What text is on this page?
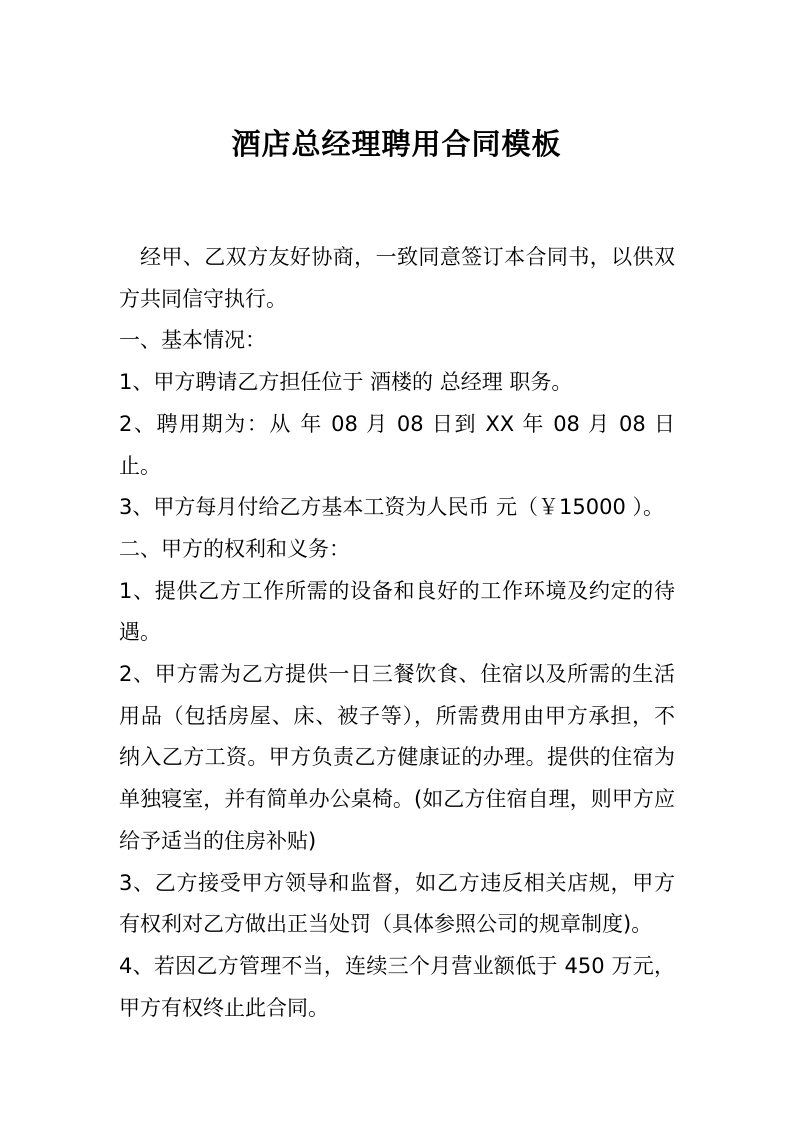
酒店总经理聘用合同模板

经甲、乙双方友好协商，一致同意签订本合同书，以供双方共同信守执行。

一、基本情况：

1、甲方聘请乙方担任位于 酒楼的 总经理 职务。

2、聘用期为：从 年 08 月 08 日到 XX 年 08 月 08 日止。

3、甲方每月付给乙方基本工资为人民币 元（￥15000 ）。

二、甲方的权利和义务：

1、提供乙方工作所需的设备和良好的工作环境及约定的待遇。

2、甲方需为乙方提供一日三餐饮食、住宿以及所需的生活用品（包括房屋、床、被子等），所需费用由甲方承担，不纳入乙方工资。甲方负责乙方健康证的办理。提供的住宿为单独寝室，并有简单办公桌椅。(如乙方住宿自理，则甲方应给予适当的住房补贴)

3、乙方接受甲方领导和监督，如乙方违反相关店规，甲方有权利对乙方做出正当处罚（具体参照公司的规章制度)。

4、若因乙方管理不当，连续三个月营业额低于 450 万元，甲方有权终止此合同。
